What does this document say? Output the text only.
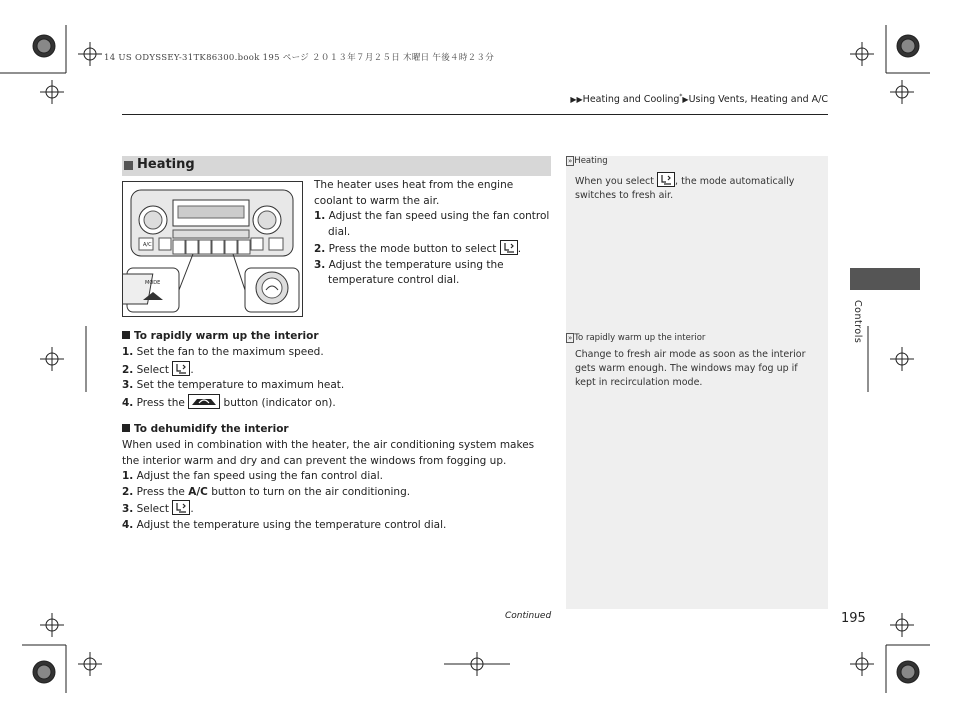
14 US ODYSSEY-31TK86300.book 195 ページ ２０１３年７月２５日 木曜日 午後４時２３分
▶▶Heating and Cooling*▶Using Vents, Heating and A/C
Heating
A/C
MODE
The heater uses heat from the engine coolant to warm the air.
1. Adjust the fan speed using the fan control dial.
2. Press the mode button to select .
3. Adjust the temperature using the temperature control dial.
To rapidly warm up the interior
1. Set the fan to the maximum speed.
2. Select .
3. Set the temperature to maximum heat.
4. Press the	button (indicator on).
To dehumidify the interior
When used in combination with the heater, the air conditioning system makes the interior warm and dry and can prevent the windows from fogging up.
1. Adjust the fan speed using the fan control dial.
2. Press the A/C button to turn on the air conditioning.
3. Select .
4. Adjust the temperature using the temperature control dial.
» Heating
When you select , the mode automatically switches to fresh air.
» To rapidly warm up the interior
Change to fresh air mode as soon as the interior gets warm enough. The windows may fog up if kept in recirculation mode.
Controls
Continued	195
